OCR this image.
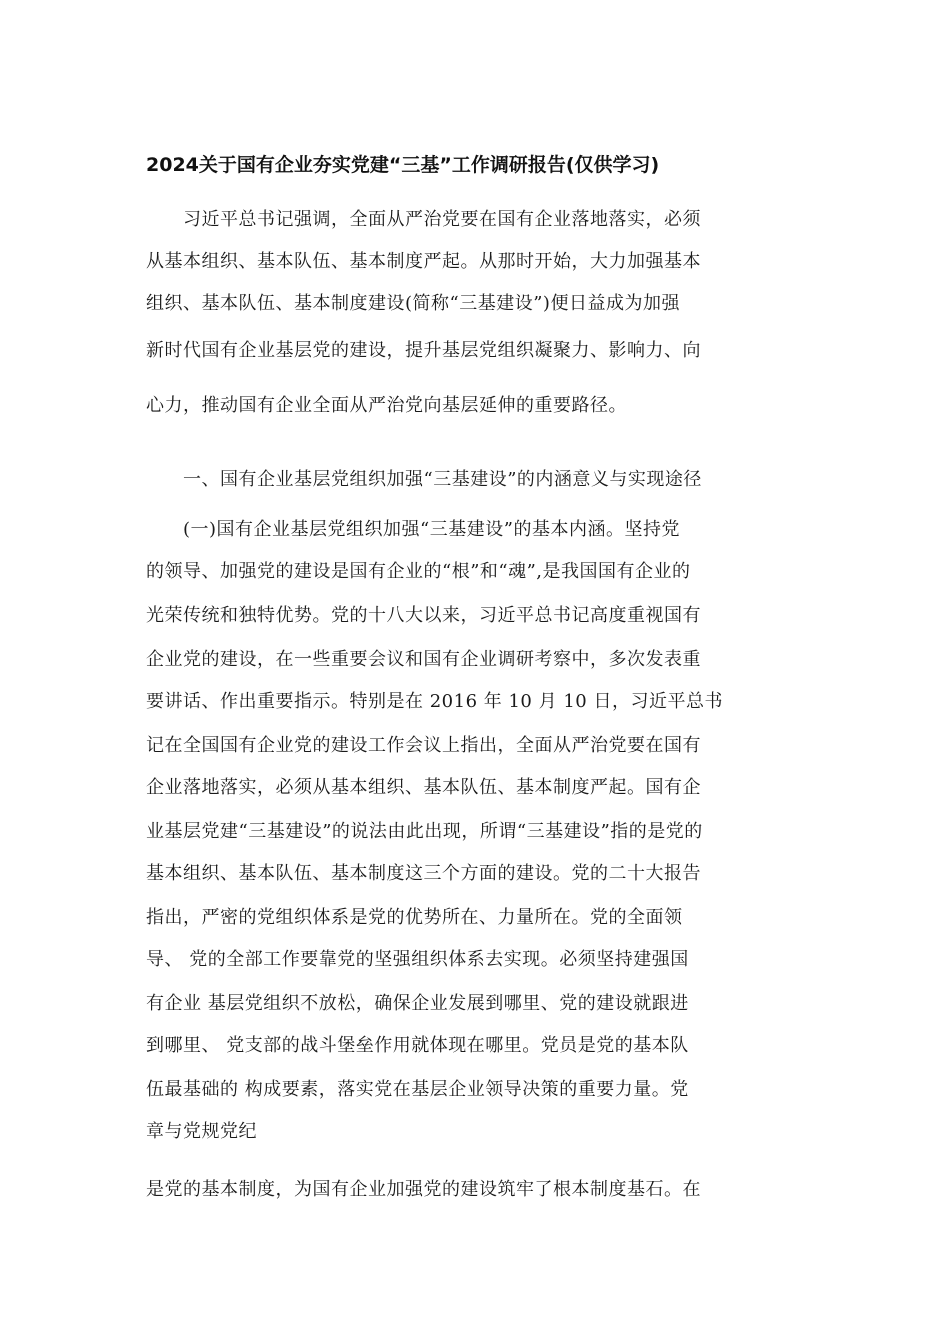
2024关于国有企业夯实党建“三基”工作调研报告(仅供学习)
　　习近平总书记强调，全面从严治党要在国有企业落地落实，必须
从基本组织、基本队伍、基本制度严起。从那时开始，大力加强基本
组织、基本队伍、基本制度建设(简称“三基建设”)便日益成为加强
新时代国有企业基层党的建设，提升基层党组织凝聚力、影响力、向
心力，推动国有企业全面从严治党向基层延伸的重要路径。
　　一、国有企业基层党组织加强“三基建设”的内涵意义与实现途径
　　(一)国有企业基层党组织加强“三基建设”的基本内涵。坚持党
的领导、加强党的建设是国有企业的“根”和“魂”,是我国国有企业的
光荣传统和独特优势。党的十八大以来，习近平总书记高度重视国有
企业党的建设，在一些重要会议和国有企业调研考察中，多次发表重
要讲话、作出重要指示。特别是在 2016 年 10 月 10 日，习近平总书
记在全国国有企业党的建设工作会议上指出，全面从严治党要在国有
企业落地落实，必须从基本组织、基本队伍、基本制度严起。国有企
业基层党建“三基建设”的说法由此出现，所谓“三基建设”指的是党的
基本组织、基本队伍、基本制度这三个方面的建设。党的二十大报告
指出，严密的党组织体系是党的优势所在、力量所在。党的全面领
导、 党的全部工作要靠党的坚强组织体系去实现。必须坚持建强国
有企业 基层党组织不放松，确保企业发展到哪里、党的建设就跟进
到哪里、 党支部的战斗堡垒作用就体现在哪里。党员是党的基本队
伍最基础的 构成要素，落实党在基层企业领导决策的重要力量。党
章与党规党纪
是党的基本制度，为国有企业加强党的建设筑牢了根本制度基石。在
